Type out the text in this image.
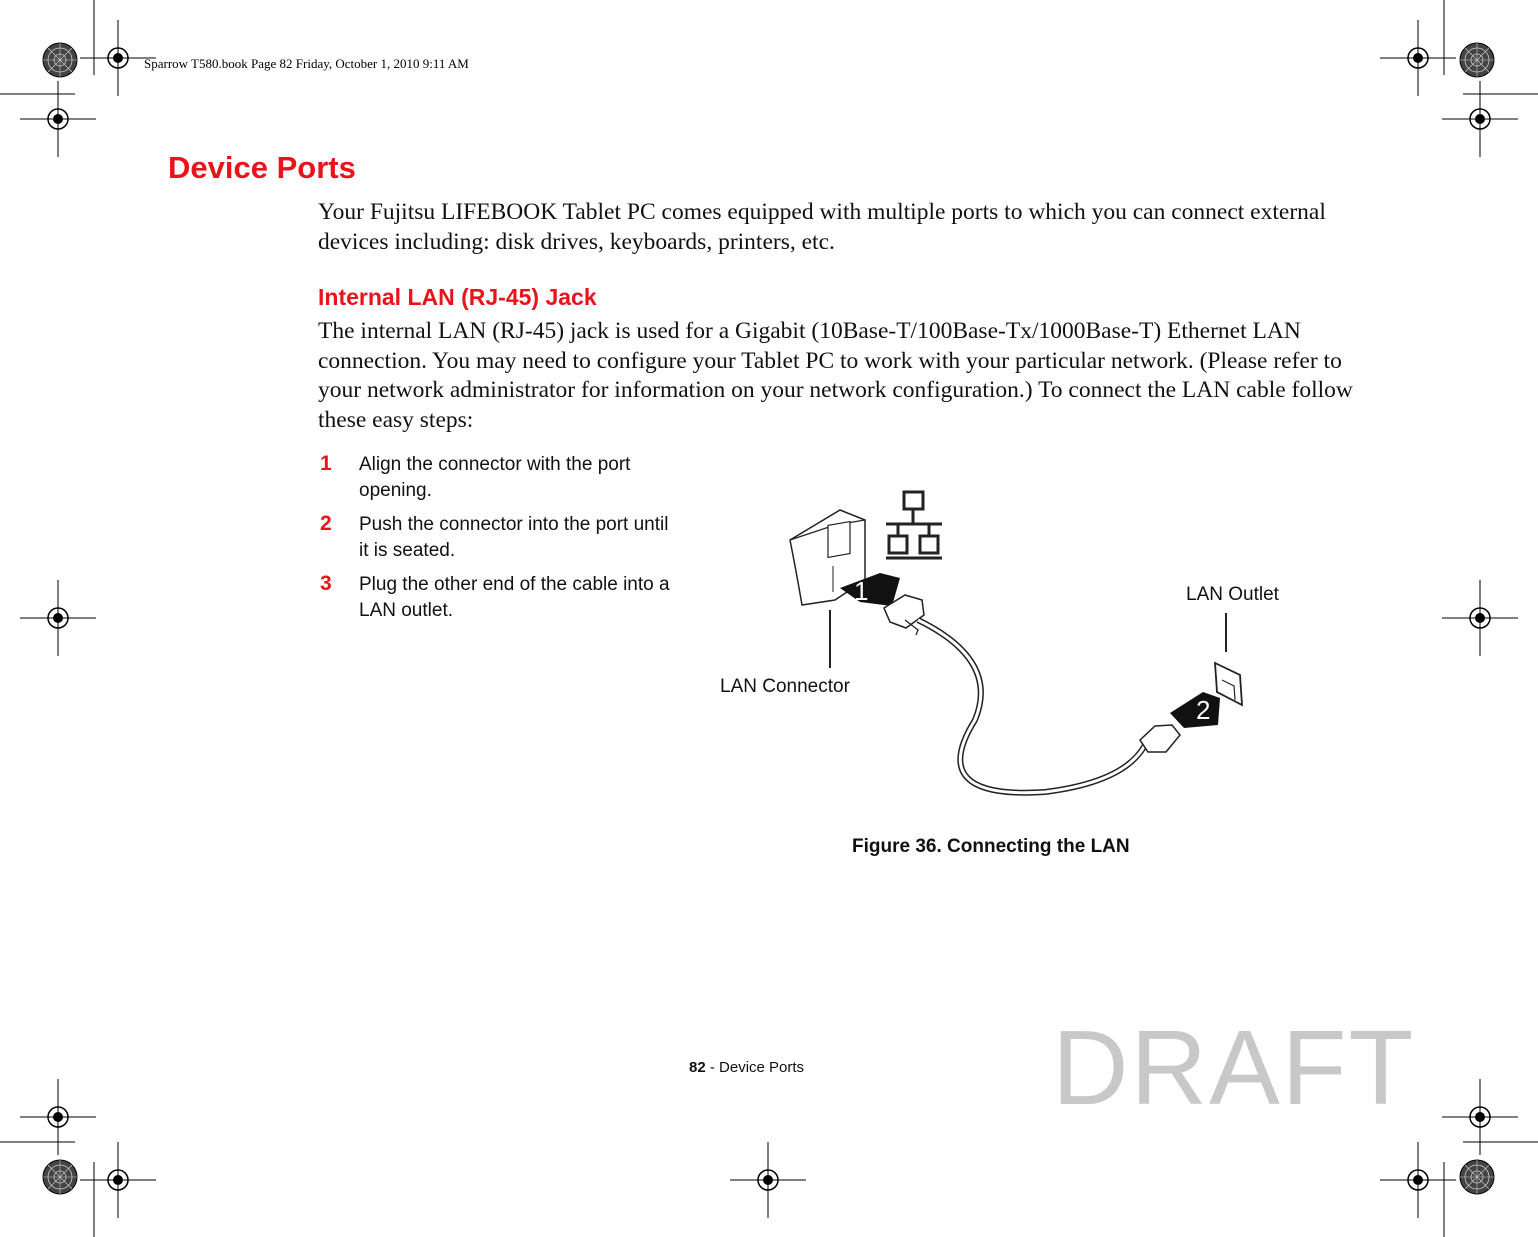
Sparrow T580.book Page 82 Friday, October 1, 2010 9:11 AM
Device Ports

Your Fujitsu LIFEBOOK Tablet PC comes equipped with multiple ports to which you can connect external devices including: disk drives, keyboards, printers, etc.

Internal LAN (RJ-45) Jack

The internal LAN (RJ-45) jack is used for a Gigabit (10Base-T/100Base-Tx/1000Base-T) Ethernet LAN connection. You may need to configure your Tablet PC to work with your particular network. (Please refer to your network administrator for information on your network configuration.) To connect the LAN cable follow these easy steps:

1 Align the connector with the port opening.
2 Push the connector into the port until it is seated.
3 Plug the other end of the cable into a LAN outlet.
1
2
LAN Connector
LAN Outlet
Figure 36. Connecting the LAN
82 - Device Ports DRAFT
